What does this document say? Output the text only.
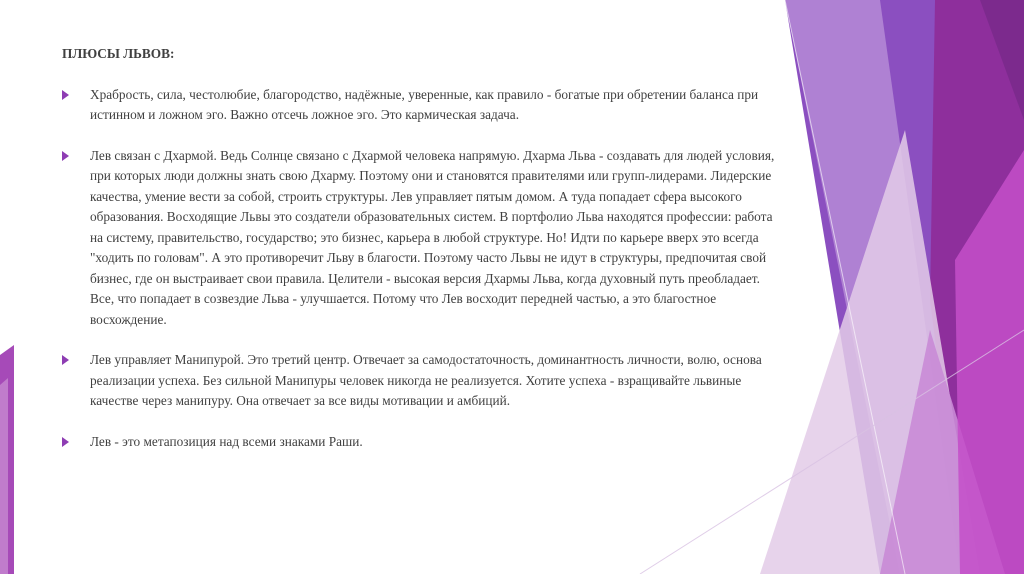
ПЛЮСЫ ЛЬВОВ:
Храбрость, сила, честолюбие, благородство, надёжные, уверенные, как правило - богатые при обретении баланса при истинном и ложном эго. Важно отсечь ложное эго. Это кармическая задача.
Лев связан с Дхармой. Ведь Солнце связано с Дхармой человека напрямую. Дхарма Льва - создавать для людей условия, при которых люди должны знать свою Дхарму. Поэтому они и становятся правителями или групп-лидерами. Лидерские качества, умение вести за собой, строить структуры. Лев управляет пятым домом. А туда попадает сфера высокого образования. Восходящие Львы это создатели образовательных систем. В портфолио Льва находятся профессии: работа на систему, правительство, государство; это бизнес, карьера в любой структуре. Но! Идти по карьере вверх это всегда "ходить по головам". А это противоречит Льву в благости. Поэтому часто Львы не идут в структуры, предпочитая свой бизнес, где он выстраивает свои правила. Целители - высокая версия Дхармы Льва, когда духовный путь преобладает. Все, что попадает в созвездие Льва - улучшается. Потому что Лев восходит передней частью, а это благостное восхождение.
Лев управляет Манипурой. Это третий центр. Отвечает за самодостаточность, доминантность личности, волю, основа реализации успеха. Без сильной Манипуры человек никогда не реализуется. Хотите успеха - взращивайте львиные качестве через манипуру. Она отвечает за все виды мотивации и амбиций.
Лев - это метапозиция над всеми знаками Раши.
